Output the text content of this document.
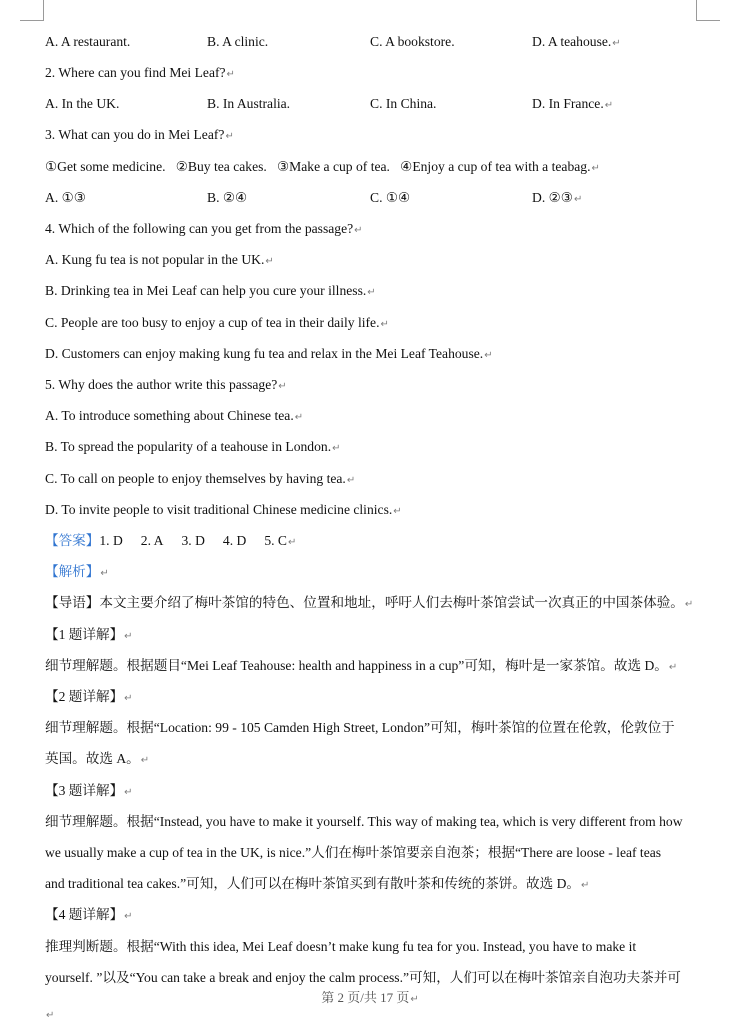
A. A restaurant.	B. A clinic.	C. A bookstore.	D. A teahouse.↵
2. Where can you find Mei Leaf?↵
A. In the UK.	B. In Australia.	C. In China.	D. In France.↵
3. What can you do in Mei Leaf?↵
①Get some medicine.   ②Buy tea cakes.   ③Make a cup of tea.   ④Enjoy a cup of tea with a teabag.↵
A. ①③	B. ②④	C. ①④	D. ②③↵
4. Which of the following can you get from the passage?↵
A. Kung fu tea is not popular in the UK.↵
B. Drinking tea in Mei Leaf can help you cure your illness.↵
C. People are too busy to enjoy a cup of tea in their daily life.↵
D. Customers can enjoy making kung fu tea and relax in the Mei Leaf Teahouse.↵
5. Why does the author write this passage?↵
A. To introduce something about Chinese tea.↵
B. To spread the popularity of a teahouse in London.↵
C. To call on people to enjoy themselves by having tea.↵
D. To invite people to visit traditional Chinese medicine clinics.↵
【答案】1. D 2. A 3. D 4. D 5. C↵
【解析】↵
【导语】本文主要介绍了梅叶茶馆的特色、位置和地址，呼吁人们去梅叶茶馆尝试一次真正的中国茶体验。↵
【1 题详解】↵
细节理解题。根据题目“Mei Leaf Teahouse: health and happiness in a cup”可知，梅叶是一家茶馆。故选 D。↵
【2 题详解】↵
细节理解题。根据“Location: 99 - 105 Camden High Street, London”可知，梅叶茶馆的位置在伦敦，伦敦位于
英国。故选 A。↵
【3 题详解】↵
细节理解题。根据“Instead, you have to make it yourself. This way of making tea, which is very different from how
we usually make a cup of tea in the UK, is nice.”人们在梅叶茶馆要亲自泡茶；根据“There are loose - leaf teas
and traditional tea cakes.”可知，人们可以在梅叶茶馆买到有散叶茶和传统的茶饼。故选 D。↵
【4 题详解】↵
推理判断题。根据“With this idea, Mei Leaf doesn’t make kung fu tea for you. Instead, you have to make it
yourself. ”以及“You can take a break and enjoy the calm process.”可知，人们可以在梅叶茶馆亲自泡功夫茶并可
第 2 页/共 17 页↵
↵
